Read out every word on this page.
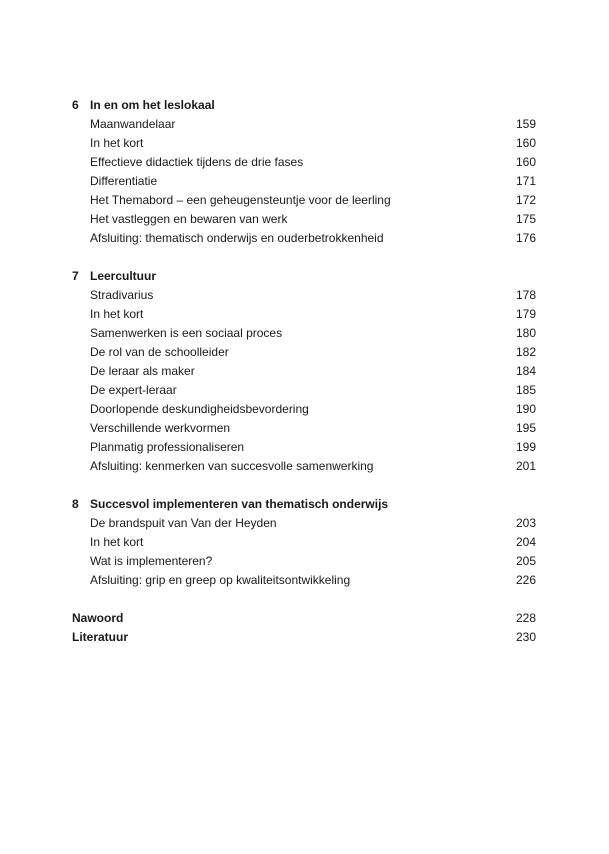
6 In en om het leslokaal
Maanwandelaar	159
In het kort	160
Effectieve didactiek tijdens de drie fases	160
Differentiatie	171
Het Themabord – een geheugensteuntje voor de leerling	172
Het vastleggen en bewaren van werk	175
Afsluiting: thematisch onderwijs en ouderbetrokkenheid	176
7 Leercultuur
Stradivarius	178
In het kort	179
Samenwerken is een sociaal proces	180
De rol van de schoolleider	182
De leraar als maker	184
De expert-leraar	185
Doorlopende deskundigheidsbevordering	190
Verschillende werkvormen	195
Planmatig professionaliseren	199
Afsluiting: kenmerken van succesvolle samenwerking	201
8 Succesvol implementeren van thematisch onderwijs
De brandspuit van Van der Heyden	203
In het kort	204
Wat is implementeren?	205
Afsluiting: grip en greep op kwaliteitsontwikkeling	226
Nawoord	228
Literatuur	230
